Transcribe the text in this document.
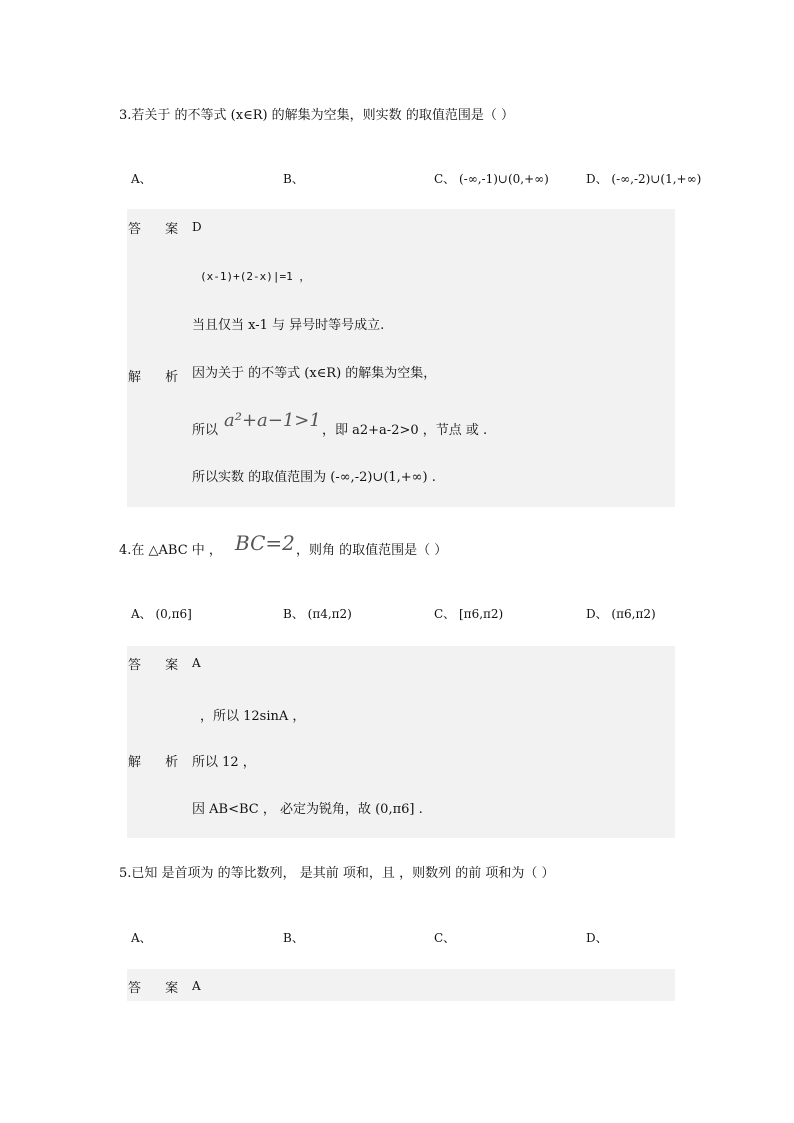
3.若关于 的不等式 (x∈R) 的解集为空集，则实数 的取值范围是（ ）
A、	B、	C、 (-∞,-1)∪(0,+∞)	D、 (-∞,-2)∪(1,+∞)
答 案 D
(x-1)+(2-x)|=1 ，
当且仅当 x-1 与 异号时等号成立.
解 析 因为关于 的不等式 (x∈R) 的解集为空集，
所以 a²+a−1>1 ，即 a2+a-2>0 ，节点 或 .
所以实数 的取值范围为 (-∞,-2)∪(1,+∞) .
4.在 △ABC 中 ， BC=2 ，则角 的取值范围是（ ）
A、 (0,π6]	B、 (π4,π2)	C、 [π6,π2)	D、 (π6,π2)
答 案 A
，所以 12sinA ，
解 析 所以 12 ，
因 AB<BC ， 必定为锐角，故 (0,π6] .
5.已知 是首项为 的等比数列， 是其前 项和，且 ，则数列 的前 项和为（ ）
A、	B、	C、	D、
答 案 A
